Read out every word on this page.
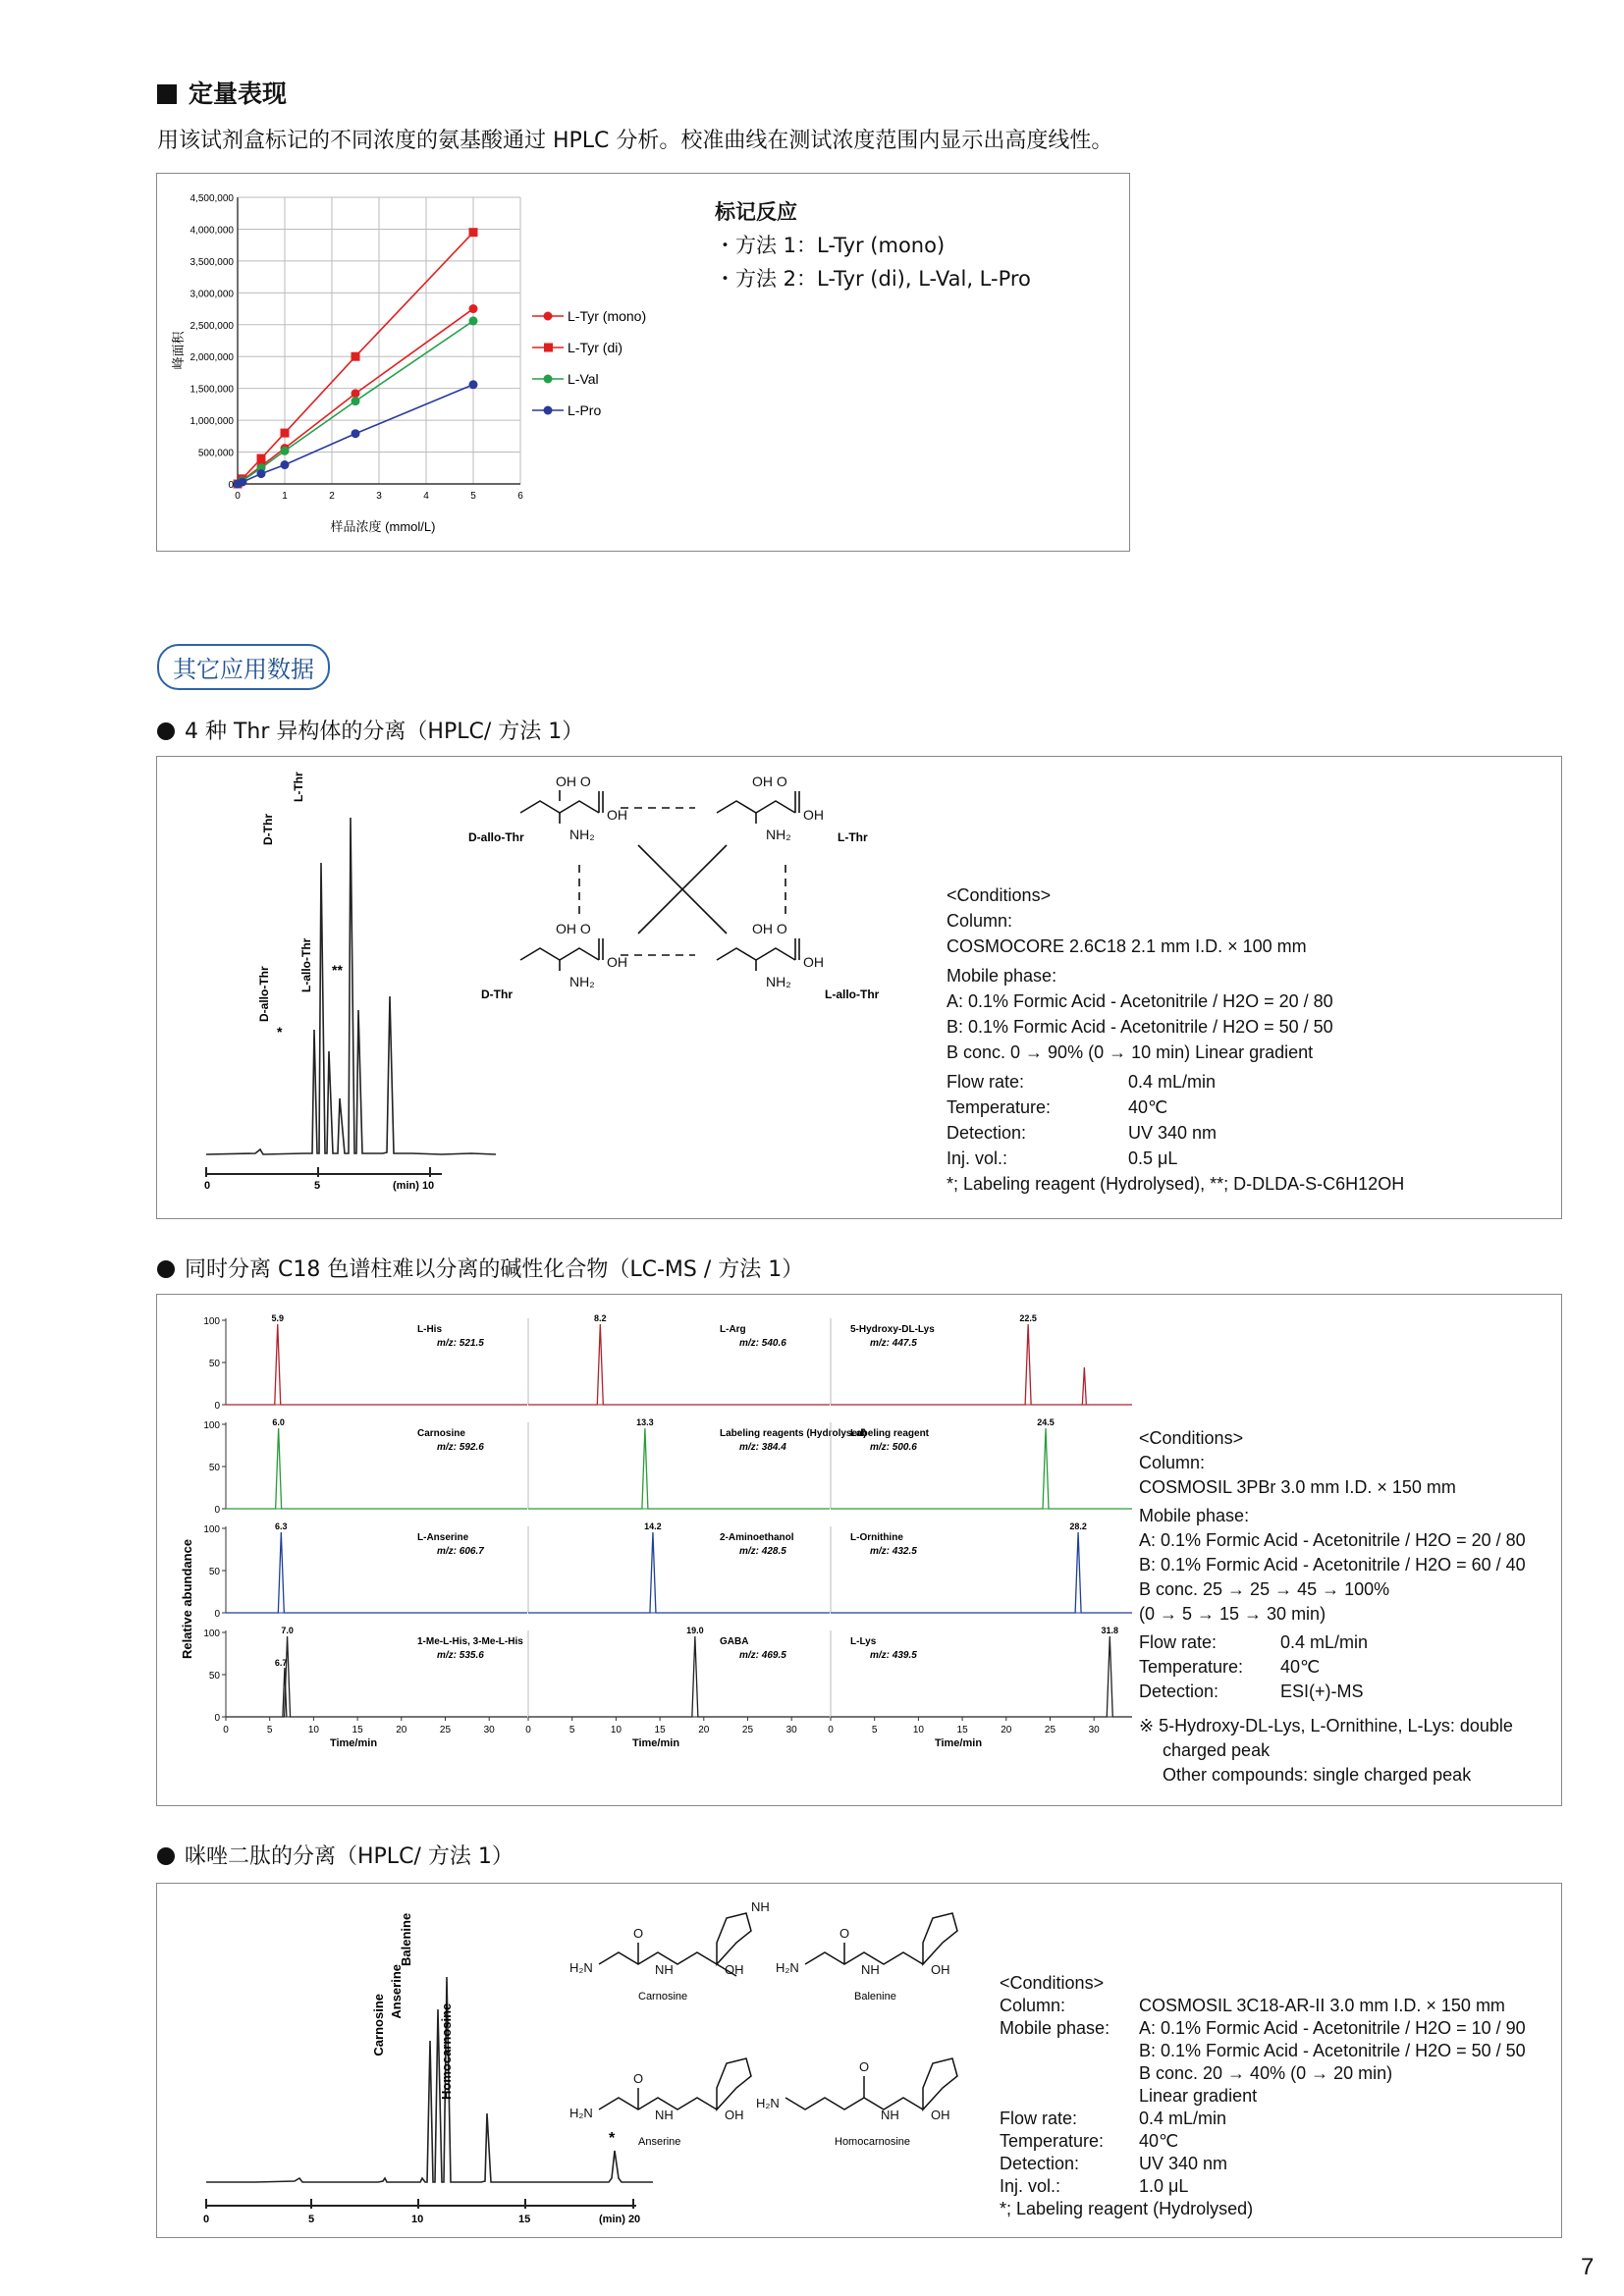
定量表现
用该试剂盒标记的不同浓度的氨基酸通过 HPLC 分析。校准曲线在测试浓度范围内显示出高度线性。
0
500,000
1,000,000
1,500,000
2,000,000
2,500,000
3,000,000
3,500,000
4,000,000
4,500,000
0	1	2	3	4	5	6
L-Tyr (mono)
L-Tyr (di)
L-Val
L-Pro
峰面积
样品浓度 (mmol/L)
标记反应
・方法 1：L-Tyr (mono)
・方法 2：L-Tyr (di), L-Val, L-Pro
其它应用数据
4 种 Thr 异构体的分离（HPLC/ 方法 1）
0	5	(min) 10
D-allo-Thr
*
D-Thr
L-Thr
L-allo-Thr **
OH O
OH
NH₂
OH O
OH
NH₂
OH O
OH
NH₂
OH O
OH
NH₂
D-allo-Thr	L-Thr
D-Thr	L-allo-Thr
<Conditions>
Column:
COSMOCORE 2.6C18 2.1 mm I.D. × 100 mm
Mobile phase:
A: 0.1% Formic Acid - Acetonitrile / H2O = 20 / 80
B: 0.1% Formic Acid - Acetonitrile / H2O = 50 / 50
B conc. 0 → 90% (0 → 10 min) Linear gradient
Flow rate:	0.4 mL/min
Temperature:	40℃
Detection:	UV 340 nm
Inj. vol.:	0.5 μL
*; Labeling reagent (Hydrolysed), **; D-DLDA-S-C6H12OH
同时分离 C18 色谱柱难以分离的碱性化合物（LC-MS / 方法 1）
Relative abundance
100
50
0
5.9
L-His
m/z: 521.5
8.2
L-Arg
m/z: 540.6
22.5
5-Hydroxy-DL-Lys
m/z: 447.5
100
50
0
6.0
Carnosine
m/z: 592.6
13.3
Labeling reagents (Hydrolysed)
m/z: 384.4
24.5
Labeling reagent
m/z: 500.6
100
50
0
6.3
L-Anserine
m/z: 606.7
14.2
2-Aminoethanol
m/z: 428.5
28.2
L-Ornithine
m/z: 432.5
100
50
0
6.7
7.0
1-Me-L-His, 3-Me-L-His
m/z: 535.6
0	5	10	15	20	25	30
Time/min
19.0
GABA
m/z: 469.5
0	5	10	15	20	25	30
Time/min
31.8
L-Lys
m/z: 439.5
0	5	10	15	20	25	30
Time/min
<Conditions>
Column:
COSMOSIL 3PBr 3.0 mm I.D. × 150 mm
Mobile phase:
A: 0.1% Formic Acid - Acetonitrile / H2O = 20 / 80
B: 0.1% Formic Acid - Acetonitrile / H2O = 60 / 40
B conc. 25 → 25 → 45 → 100%
(0 → 5 → 15 → 30 min)
Flow rate:	0.4 mL/min
Temperature:	40℃
Detection:	ESI(+)-MS
※ 5-Hydroxy-DL-Lys, L-Ornithine, L-Lys: double
charged peak
Other compounds: single charged peak
咪唑二肽的分离（HPLC/ 方法 1）
0	5	10	15	(min) 20
Carnosine
Anserine
Balenine
Homocarnosine
*
H₂N	NH	OH
O
NH
H₂N	NH	OH
O
H₂N	NH	OH
O
H₂N
NH OH
O
Carnosine	Balenine
Anserine	Homocarnosine
<Conditions>
Column:	COSMOSIL 3C18-AR-II 3.0 mm I.D. × 150 mm
Mobile phase:	A: 0.1% Formic Acid - Acetonitrile / H2O = 10 / 90
B: 0.1% Formic Acid - Acetonitrile / H2O = 50 / 50
B conc. 20 → 40% (0 → 20 min)
Linear gradient
Flow rate:	0.4 mL/min
Temperature:	40℃
Detection:	UV 340 nm
Inj. vol.:	1.0 μL
*; Labeling reagent (Hydrolysed)
7
